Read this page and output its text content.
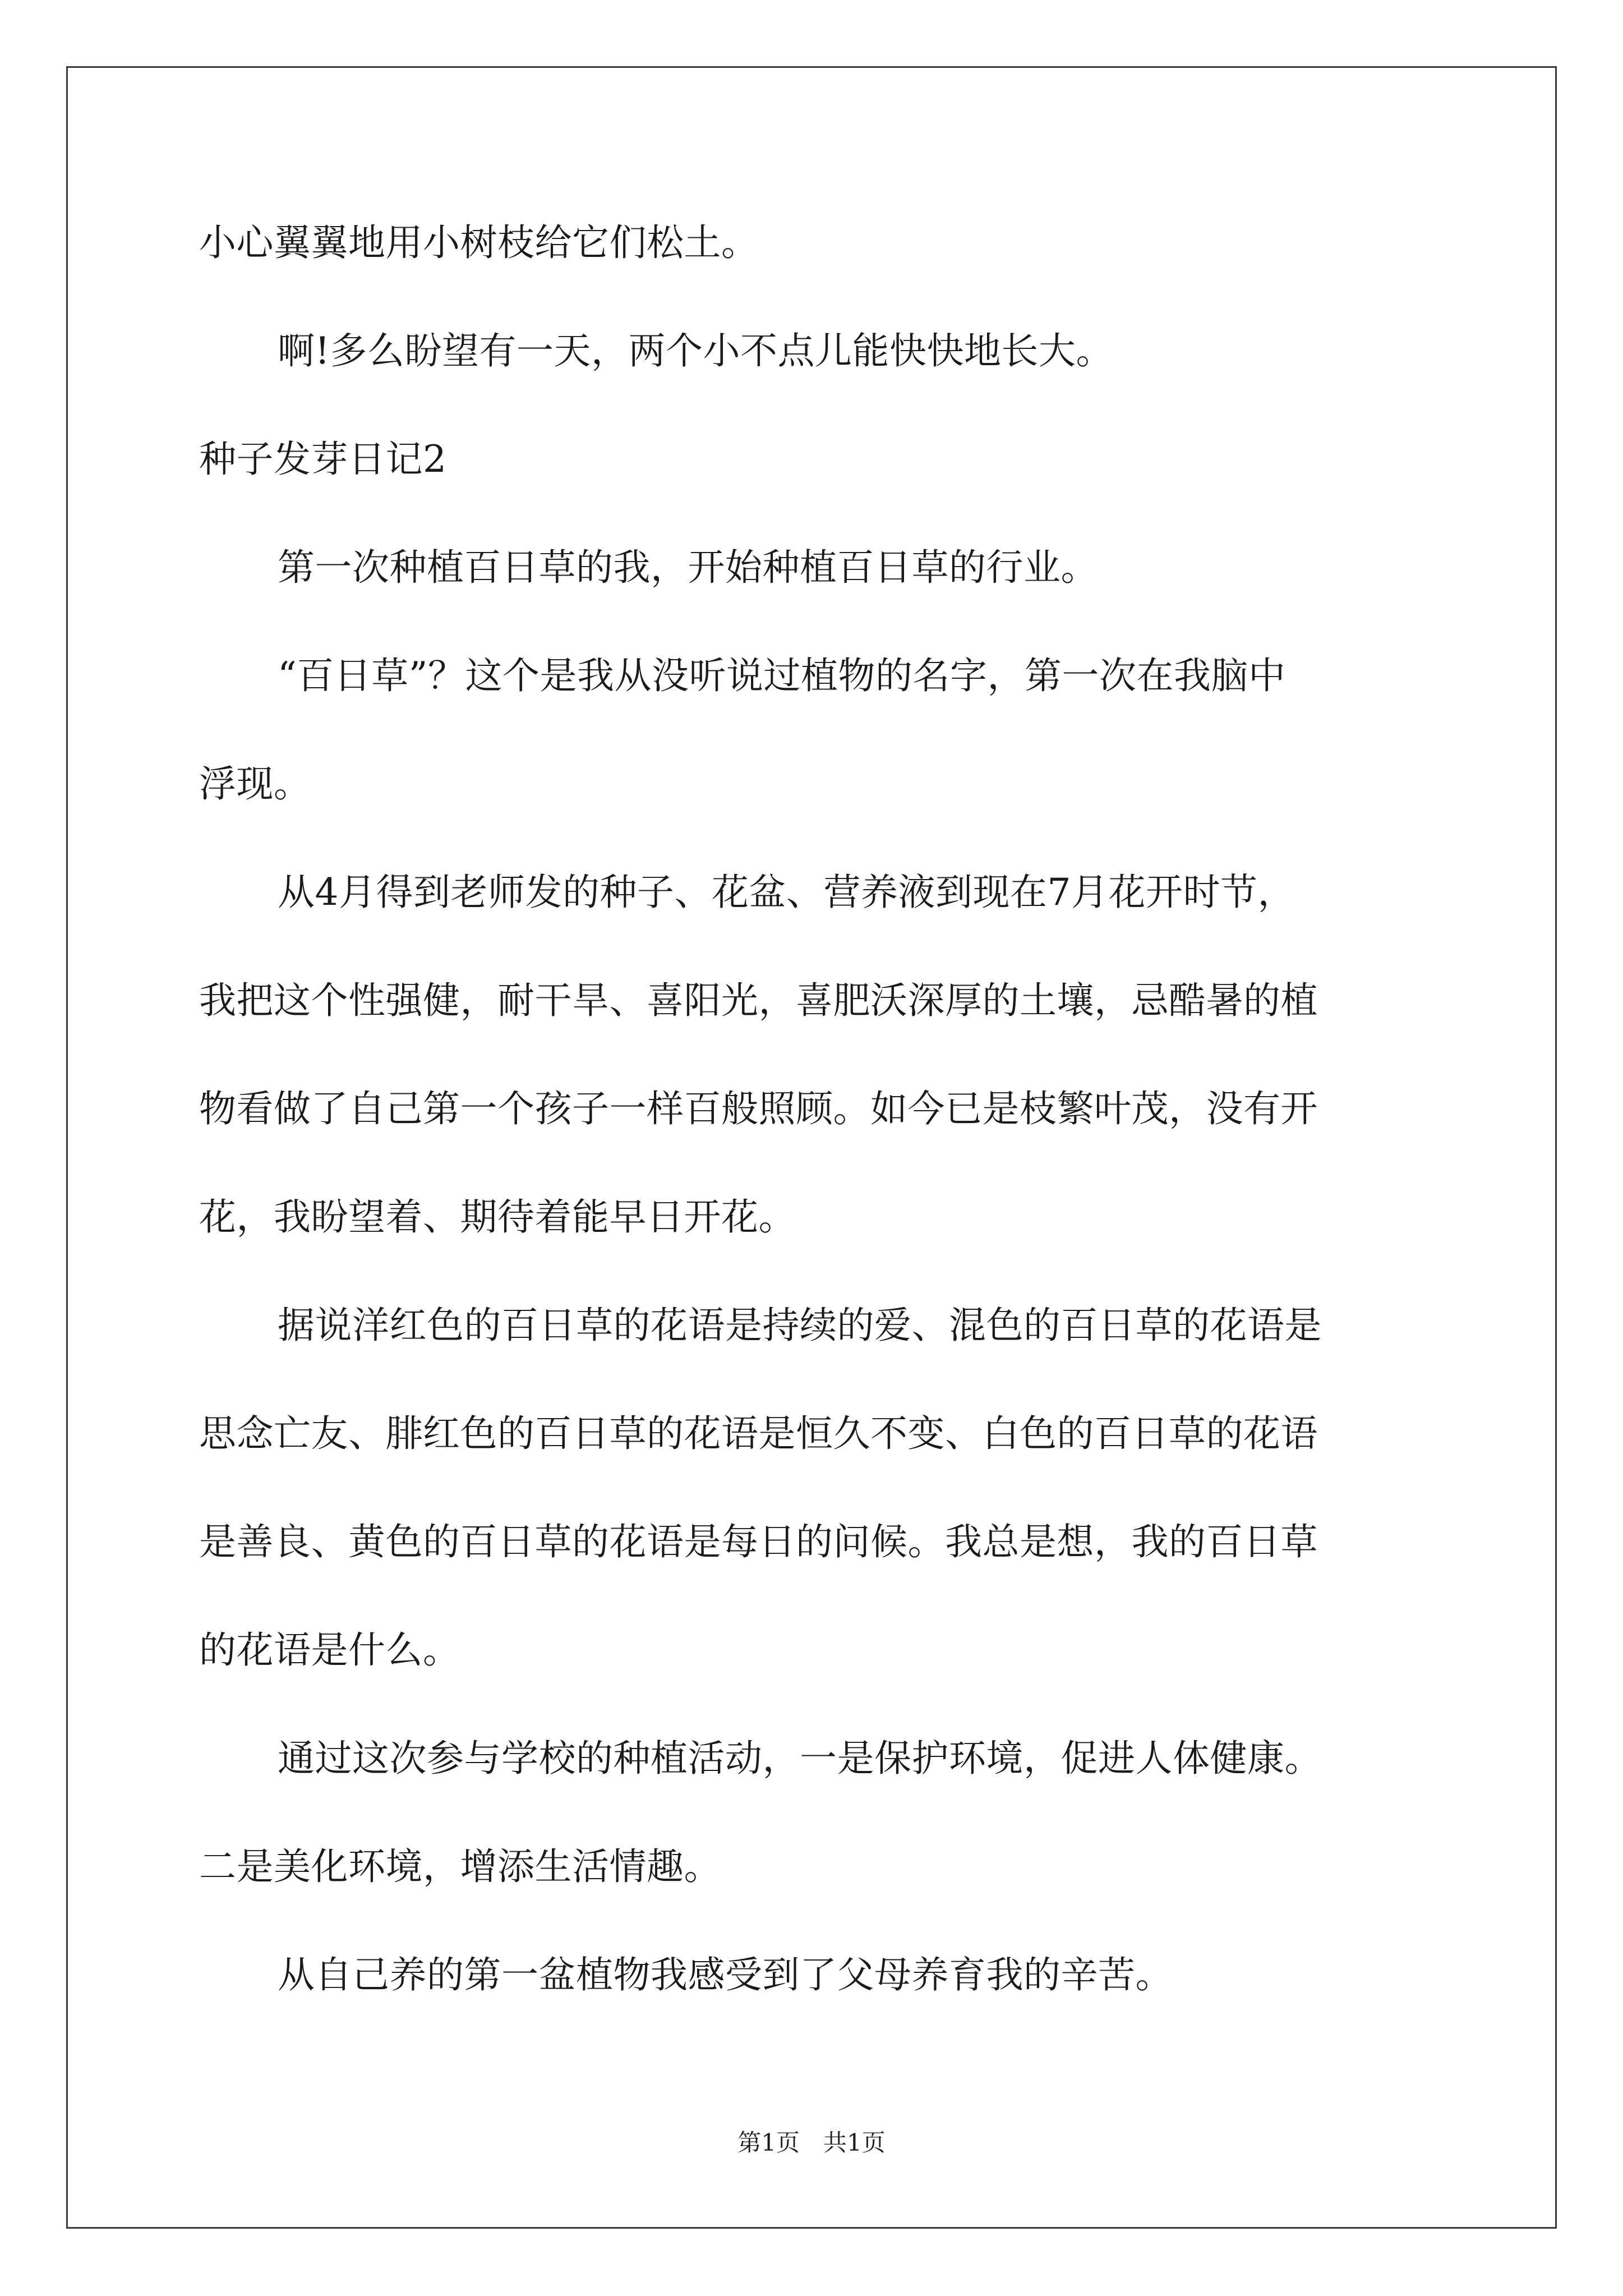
小心翼翼地用小树枝给它们松土。
啊!多么盼望有一天，两个小不点儿能快快地长大。
种子发芽日记2
第一次种植百日草的我，开始种植百日草的行业。
“百日草”？这个是我从没听说过植物的名字，第一次在我脑中
浮现。
从4月得到老师发的种子、花盆、营养液到现在7月花开时节，
我把这个性强健，耐干旱、喜阳光，喜肥沃深厚的土壤，忌酷暑的植
物看做了自己第一个孩子一样百般照顾。如今已是枝繁叶茂，没有开
花，我盼望着、期待着能早日开花。
据说洋红色的百日草的花语是持续的爱、混色的百日草的花语是
思念亡友、腓红色的百日草的花语是恒久不变、白色的百日草的花语
是善良、黄色的百日草的花语是每日的问候。我总是想，我的百日草
的花语是什么。
通过这次参与学校的种植活动，一是保护环境，促进人体健康。
二是美化环境，增添生活情趣。
从自己养的第一盆植物我感受到了父母养育我的辛苦。
第1页　共1页
